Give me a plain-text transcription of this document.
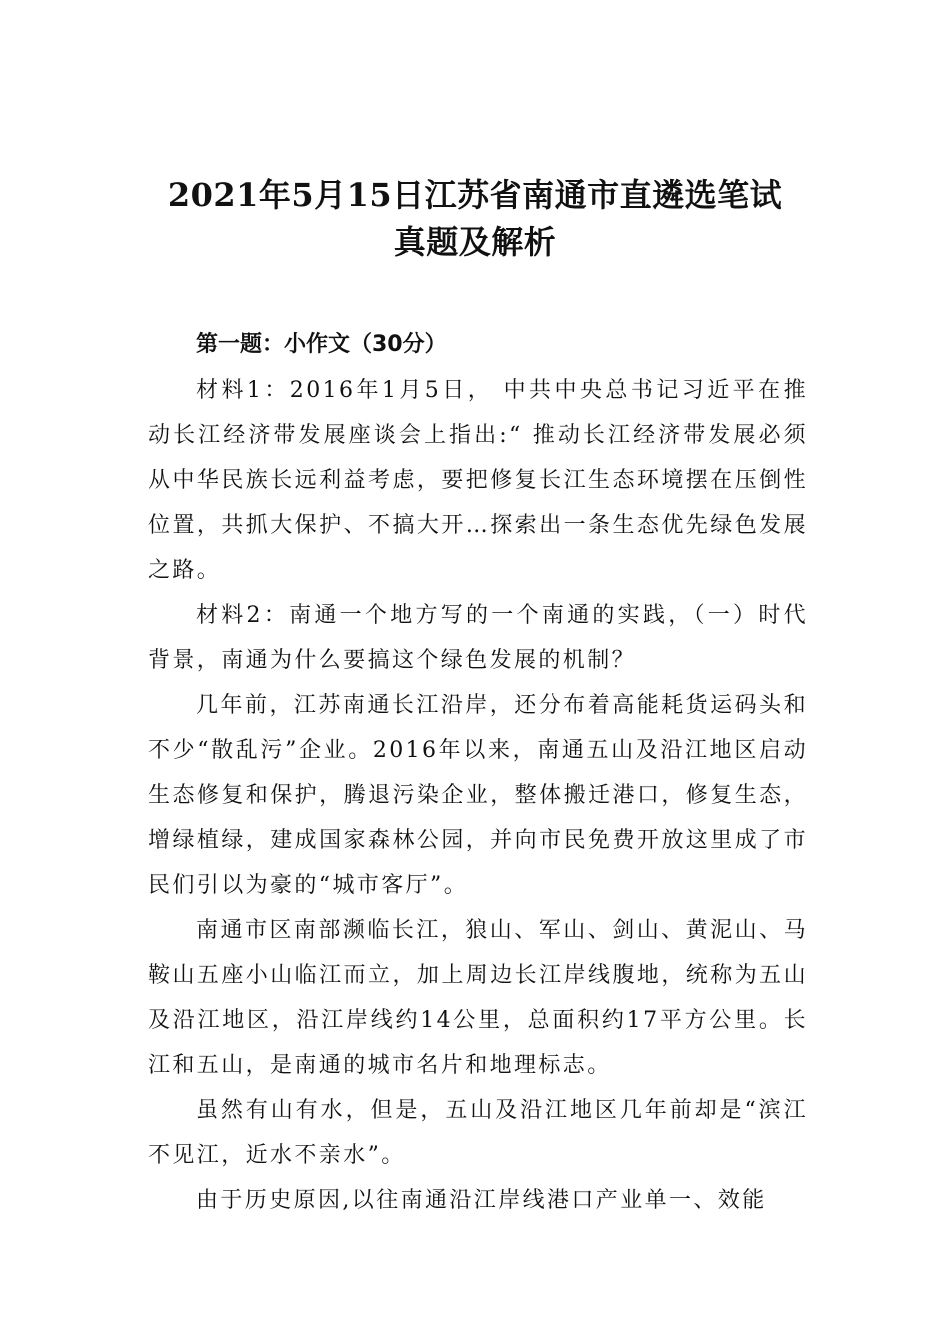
2021年5月15日江苏省南通市直遴选笔试
真题及解析
第一题：小作文（30分）

材料1：2016年1月5日， 中共中央总书记习近平在推动长江经济带发展座谈会上指出:“ 推动长江经济带发展必须从中华民族长远利益考虑，要把修复长江生态环境摆在压倒性位置，共抓大保护、不搞大开…探索出一条生态优先绿色发展之路。

材料2：南通一个地方写的一个南通的实践，（一）时代背景，南通为什么要搞这个绿色发展的机制？

几年前，江苏南通长江沿岸，还分布着高能耗货运码头和不少“散乱污”企业。2016年以来，南通五山及沿江地区启动生态修复和保护，腾退污染企业，整体搬迁港口，修复生态，增绿植绿，建成国家森林公园，并向市民免费开放这里成了市民们引以为豪的“城市客厅”。

南通市区南部濒临长江，狼山、军山、剑山、黄泥山、马鞍山五座小山临江而立，加上周边长江岸线腹地，统称为五山及沿江地区，沿江岸线约14公里，总面积约17平方公里。长江和五山，是南通的城市名片和地理标志。

虽然有山有水，但是，五山及沿江地区几年前却是“滨江不见江，近水不亲水”。

由于历史原因,以往南通沿江岸线港口产业单一、效能
